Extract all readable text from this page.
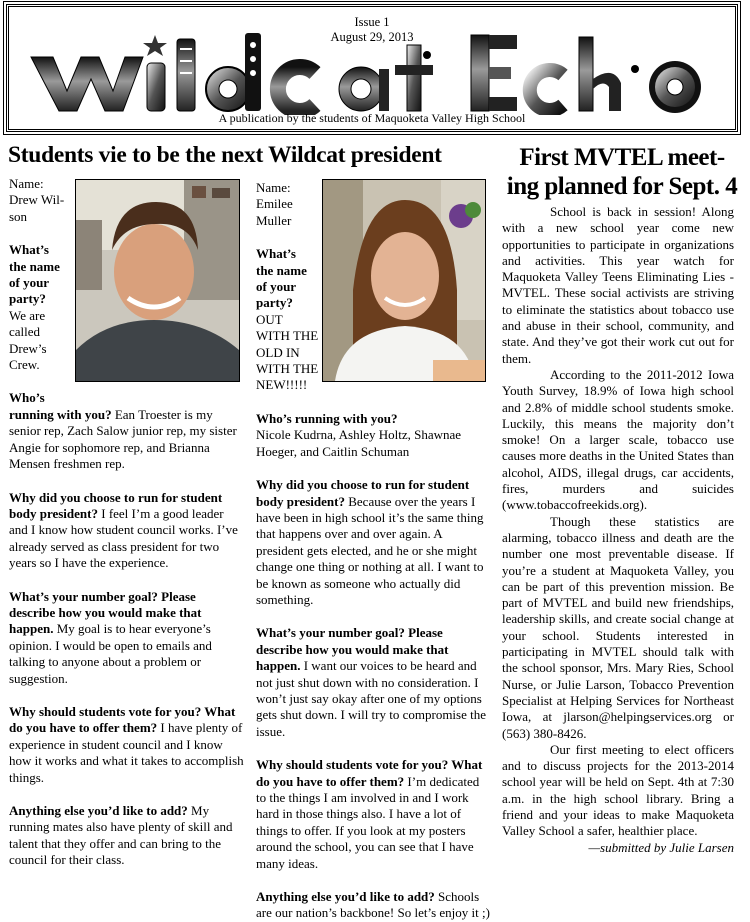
Issue 1
August 29, 2013
A publication by the students of Maquoketa Valley High School
Students vie to be the next Wildcat president	First MVTEL meet-
ing planned for Sept. 4

Name:

Drew Wil-

son

What’s
the name
of your
party?

We are
called
Drew’s
Crew.

Who’s

running with you? Ean Troester is my senior rep, Zach Salow junior rep, my sister Angie for sophomore rep, and Brianna Mensen freshmen rep.

Why did you choose to run for student body president? I feel I’m a good leader and I know how student council works. I’ve already served as class president for two years so I have the experience.

What’s your number goal? Please describe how you would make that happen. My goal is to hear everyone’s opinion. I would be open to emails and talking to anyone about a problem or suggestion.

Why should students vote for you? What do you have to offer them? I have plenty of experience in student council and I know how it works and what it takes to accomplish things.

Anything else you’d like to add? My running mates also have plenty of skill and talent that they offer and can bring to the council for their class.

Name:

Emilee

Muller

What’s
the name
of your
party?

OUT
WITH THE
OLD IN
WITH THE
NEW!!!!!

Who’s running with you?
Nicole Kudrna, Ashley Holtz, Shawnae Hoeger, and Caitlin Schuman

Why did you choose to run for student body president? Because over the years I have been in high school it’s the same thing that happens over and over again. A president gets elected, and he or she might change one thing or nothing at all. I want to be known as someone who actually did something.

What’s your number goal? Please describe how you would make that happen. I want our voices to be heard and not just shut down with no consideration. I won’t just say okay after one of my options gets shut down. I will try to compromise the issue.

Why should students vote for you? What do you have to offer them? I’m dedicated to the things I am involved in and I work hard in those things also. I have a lot of things to offer. If you look at my posters around the school, you can see that I have many ideas.

Anything else you’d like to add? Schools are our nation’s backbone! So let’s enjoy it ;)

School is back in session! Along with a new school year come new opportunities to participate in organizations and activities. This year watch for Maquoketa Valley Teens Eliminating Lies - MVTEL. These social activists are striving to eliminate the statistics about tobacco use and abuse in their school, community, and state. And they’ve got their work cut out for them.

According to the 2011-2012 Iowa Youth Survey, 18.9% of Iowa high school and 2.8% of middle school students smoke. Luckily, this means the majority don’t smoke! On a larger scale, tobacco use causes more deaths in the United States than alcohol, AIDS, illegal drugs, car accidents, fires, murders and suicides (www.tobaccofreekids.org).

Though these statistics are alarming, tobacco illness and death are the number one most preventable disease. If you’re a student at Maquoketa Valley, you can be part of this prevention mission. Be part of MVTEL and build new friendships, leadership skills, and create social change at your school. Students interested in participating in MVTEL should talk with the school sponsor, Mrs. Mary Ries, School Nurse, or Julie Larson, Tobacco Prevention Specialist at Helping Services for Northeast Iowa, at jlarson@helpingservices.org or (563) 380-8426.

Our first meeting to elect officers and to discuss projects for the 2013-2014 school year will be held on Sept. 4th at 7:30 a.m. in the high school library. Bring a friend and your ideas to make Maquoketa Valley School a safer, healthier place.

—submitted by Julie Larsen
